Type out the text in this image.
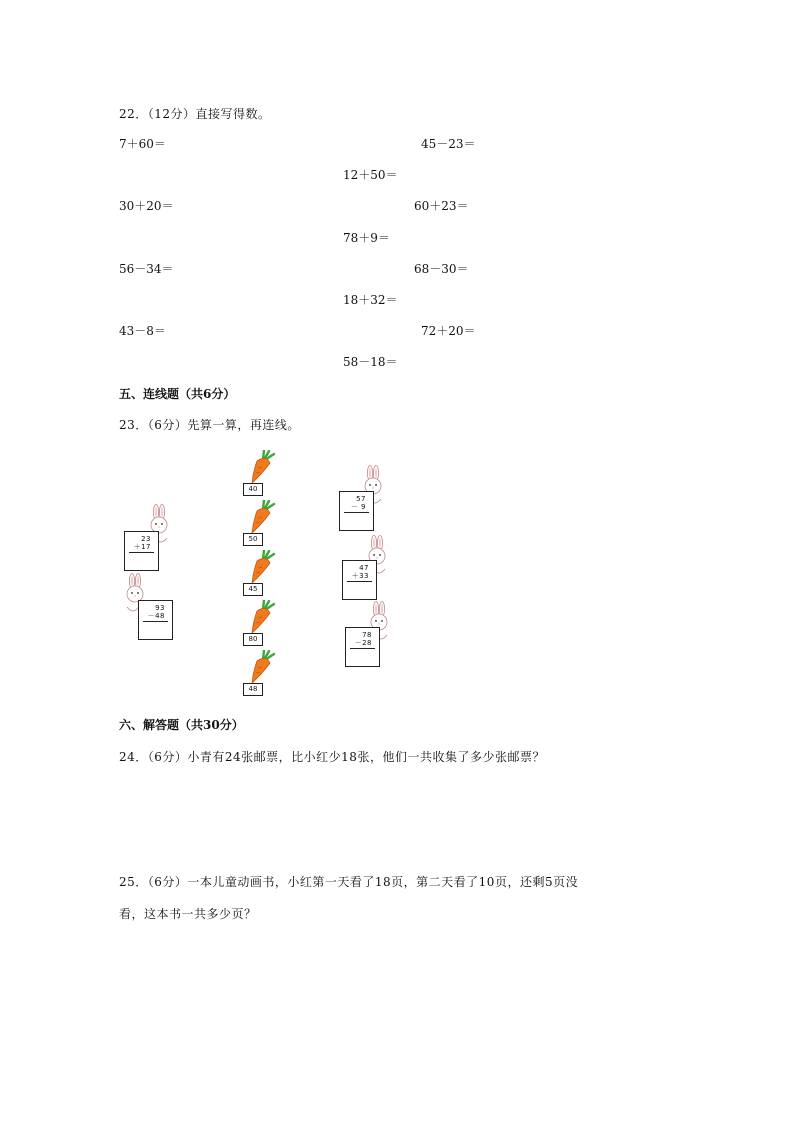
22．（12分）直接写得数。
7＋60＝	45－23＝
12＋50＝
30＋20＝	60＋23＝
78＋9＝
56－34＝	68－30＝
18＋32＝
43－8＝	72＋20＝
58－18＝
五、连线题（共6分）
23．（6分）先算一算，再连线。
40
50
45
80
48
23
＋17
93
－48
57
－ 9
47
＋33
78
－28
六、解答题（共30分）
24．（6分）小青有24张邮票，比小红少18张，他们一共收集了多少张邮票？
25．（6分）一本儿童动画书，小红第一天看了18页，第二天看了10页，还剩5页没
看，这本书一共多少页？
